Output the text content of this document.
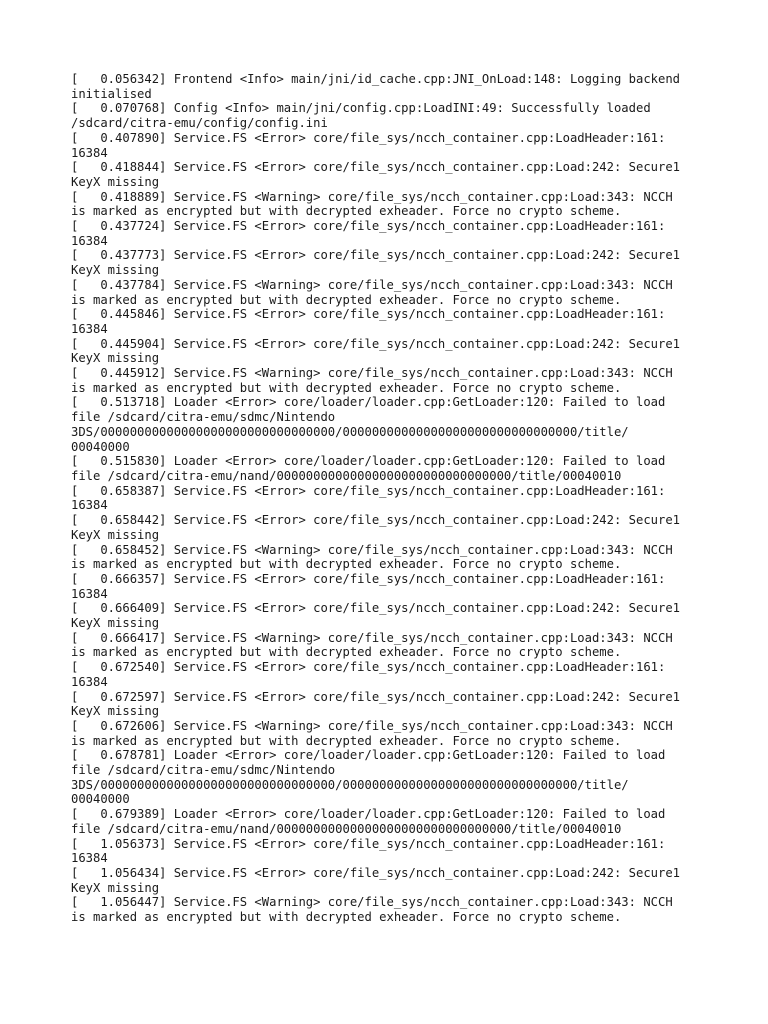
[   0.056342] Frontend <Info> main/jni/id_cache.cpp:JNI_OnLoad:148: Logging backend
initialised
[   0.070768] Config <Info> main/jni/config.cpp:LoadINI:49: Successfully loaded
/sdcard/citra-emu/config/config.ini
[   0.407890] Service.FS <Error> core/file_sys/ncch_container.cpp:LoadHeader:161:
16384
[   0.418844] Service.FS <Error> core/file_sys/ncch_container.cpp:Load:242: Secure1
KeyX missing
[   0.418889] Service.FS <Warning> core/file_sys/ncch_container.cpp:Load:343: NCCH
is marked as encrypted but with decrypted exheader. Force no crypto scheme.
[   0.437724] Service.FS <Error> core/file_sys/ncch_container.cpp:LoadHeader:161:
16384
[   0.437773] Service.FS <Error> core/file_sys/ncch_container.cpp:Load:242: Secure1
KeyX missing
[   0.437784] Service.FS <Warning> core/file_sys/ncch_container.cpp:Load:343: NCCH
is marked as encrypted but with decrypted exheader. Force no crypto scheme.
[   0.445846] Service.FS <Error> core/file_sys/ncch_container.cpp:LoadHeader:161:
16384
[   0.445904] Service.FS <Error> core/file_sys/ncch_container.cpp:Load:242: Secure1
KeyX missing
[   0.445912] Service.FS <Warning> core/file_sys/ncch_container.cpp:Load:343: NCCH
is marked as encrypted but with decrypted exheader. Force no crypto scheme.
[   0.513718] Loader <Error> core/loader/loader.cpp:GetLoader:120: Failed to load
file /sdcard/citra-emu/sdmc/Nintendo
3DS/00000000000000000000000000000000/00000000000000000000000000000000/title/
00040000
[   0.515830] Loader <Error> core/loader/loader.cpp:GetLoader:120: Failed to load
file /sdcard/citra-emu/nand/00000000000000000000000000000000/title/00040010
[   0.658387] Service.FS <Error> core/file_sys/ncch_container.cpp:LoadHeader:161:
16384
[   0.658442] Service.FS <Error> core/file_sys/ncch_container.cpp:Load:242: Secure1
KeyX missing
[   0.658452] Service.FS <Warning> core/file_sys/ncch_container.cpp:Load:343: NCCH
is marked as encrypted but with decrypted exheader. Force no crypto scheme.
[   0.666357] Service.FS <Error> core/file_sys/ncch_container.cpp:LoadHeader:161:
16384
[   0.666409] Service.FS <Error> core/file_sys/ncch_container.cpp:Load:242: Secure1
KeyX missing
[   0.666417] Service.FS <Warning> core/file_sys/ncch_container.cpp:Load:343: NCCH
is marked as encrypted but with decrypted exheader. Force no crypto scheme.
[   0.672540] Service.FS <Error> core/file_sys/ncch_container.cpp:LoadHeader:161:
16384
[   0.672597] Service.FS <Error> core/file_sys/ncch_container.cpp:Load:242: Secure1
KeyX missing
[   0.672606] Service.FS <Warning> core/file_sys/ncch_container.cpp:Load:343: NCCH
is marked as encrypted but with decrypted exheader. Force no crypto scheme.
[   0.678781] Loader <Error> core/loader/loader.cpp:GetLoader:120: Failed to load
file /sdcard/citra-emu/sdmc/Nintendo
3DS/00000000000000000000000000000000/00000000000000000000000000000000/title/
00040000
[   0.679389] Loader <Error> core/loader/loader.cpp:GetLoader:120: Failed to load
file /sdcard/citra-emu/nand/00000000000000000000000000000000/title/00040010
[   1.056373] Service.FS <Error> core/file_sys/ncch_container.cpp:LoadHeader:161:
16384
[   1.056434] Service.FS <Error> core/file_sys/ncch_container.cpp:Load:242: Secure1
KeyX missing
[   1.056447] Service.FS <Warning> core/file_sys/ncch_container.cpp:Load:343: NCCH
is marked as encrypted but with decrypted exheader. Force no crypto scheme.
